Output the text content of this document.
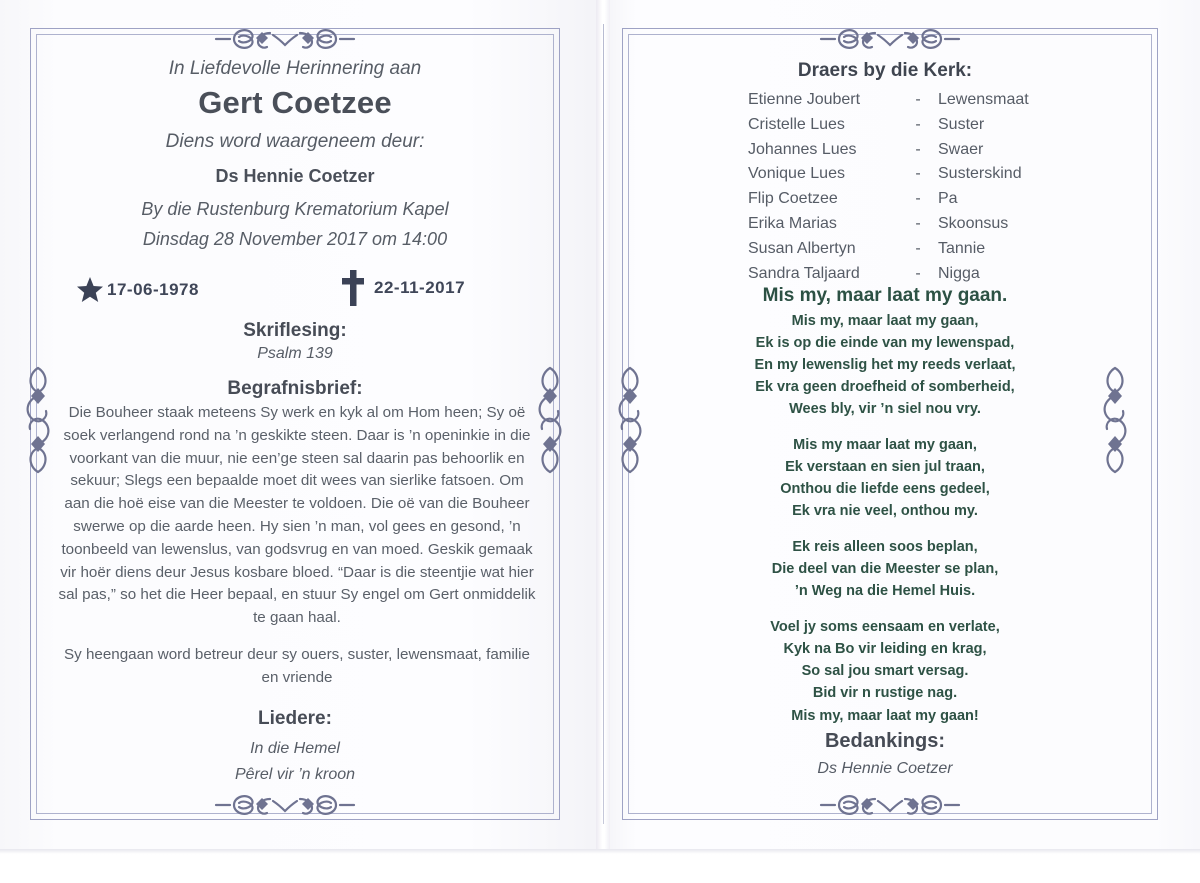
In Liefdevolle Herinnering aan
Gert Coetzee
Diens word waargeneem deur:
Ds Hennie Coetzer
By die Rustenburg Krematorium Kapel
Dinsdag 28 November 2017 om 14:00
17-06-1978	22-11-2017
Skriflesing:
Psalm 139
Begrafnisbrief:
Die Bouheer staak meteens Sy werk en kyk al om Hom heen; Sy oë soek verlangend rond na ’n geskikte steen. Daar is ’n openinkie in die voorkant van die muur, nie een’ge steen sal daarin pas behoorlik en sekuur; Slegs een bepaalde moet dit wees van sierlike fatsoen. Om aan die hoë eise van die Meester te voldoen. Die oë van die Bouheer swerwe op die aarde heen. Hy sien ’n man, vol gees en gesond, ’n toonbeeld van lewenslus, van godsvrug en van moed. Geskik gemaak vir hoër diens deur Jesus kosbare bloed. “Daar is die steentjie wat hier sal pas,” so het die Heer bepaal, en stuur Sy engel om Gert onmiddelik te gaan haal.
Sy heengaan word betreur deur sy ouers, suster, lewensmaat, familie en vriende
Liedere:
In die Hemel
Pêrel vir ’n kroon
Draers by die Kerk:
Etienne Joubert	-	Lewensmaat
Cristelle Lues	-	Suster
Johannes Lues	-	Swaer
Vonique Lues	-	Susterskind
Flip Coetzee	-	Pa
Erika Marias	-	Skoonsus
Susan Albertyn	-	Tannie
Sandra Taljaard	-	Nigga
Mis my, maar laat my gaan.
Mis my, maar laat my gaan,
Ek is op die einde van my lewenspad,
En my lewenslig het my reeds verlaat,
Ek vra geen droefheid of somberheid,
Wees bly, vir ’n siel nou vry.
Mis my maar laat my gaan,
Ek verstaan en sien jul traan,
Onthou die liefde eens gedeel,
Ek vra nie veel, onthou my.
Ek reis alleen soos beplan,
Die deel van die Meester se plan,
’n Weg na die Hemel Huis.
Voel jy soms eensaam en verlate,
Kyk na Bo vir leiding en krag,
So sal jou smart versag.
Bid vir n rustige nag.
Mis my, maar laat my gaan!
Bedankings:
Ds Hennie Coetzer
